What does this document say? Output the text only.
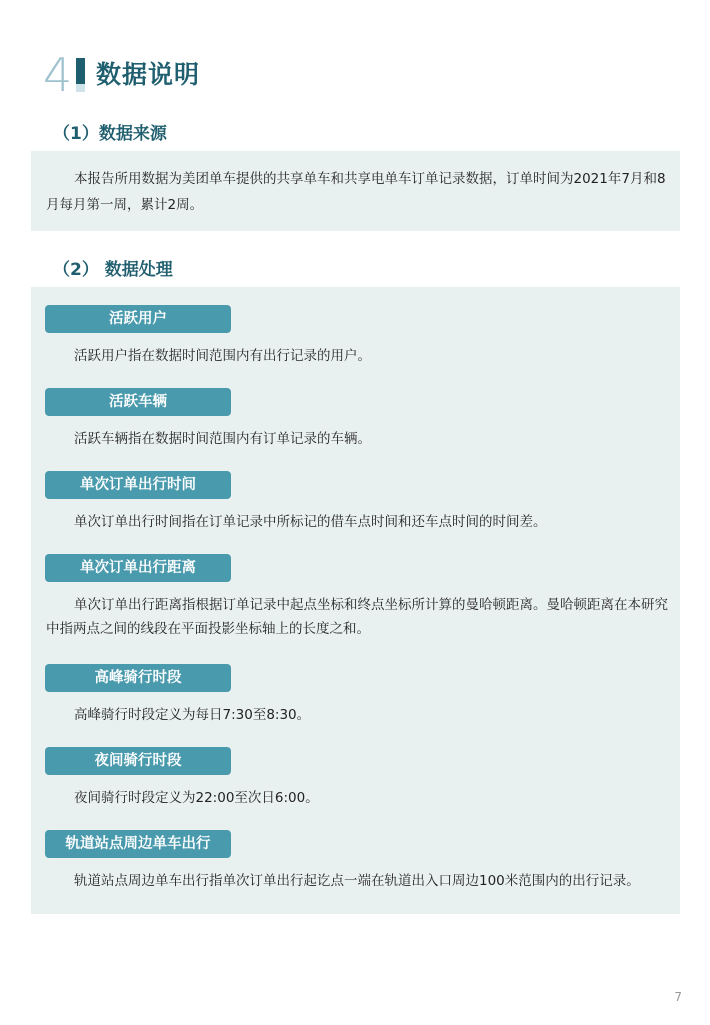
4 数据说明
（1）数据来源
本报告所用数据为美团单车提供的共享单车和共享电单车订单记录数据，订单时间为2021年7月和8月每月第一周，累计2周。
（2） 数据处理
活跃用户
活跃用户指在数据时间范围内有出行记录的用户。
活跃车辆
活跃车辆指在数据时间范围内有订单记录的车辆。
单次订单出行时间
单次订单出行时间指在订单记录中所标记的借车点时间和还车点时间的时间差。
单次订单出行距离
单次订单出行距离指根据订单记录中起点坐标和终点坐标所计算的曼哈顿距离。曼哈顿距离在本研究中指两点之间的线段在平面投影坐标轴上的长度之和。
高峰骑行时段
高峰骑行时段定义为每日7:30至8:30。
夜间骑行时段
夜间骑行时段定义为22:00至次日6:00。
轨道站点周边单车出行
轨道站点周边单车出行指单次订单出行起讫点一端在轨道出入口周边100米范围内的出行记录。
7
